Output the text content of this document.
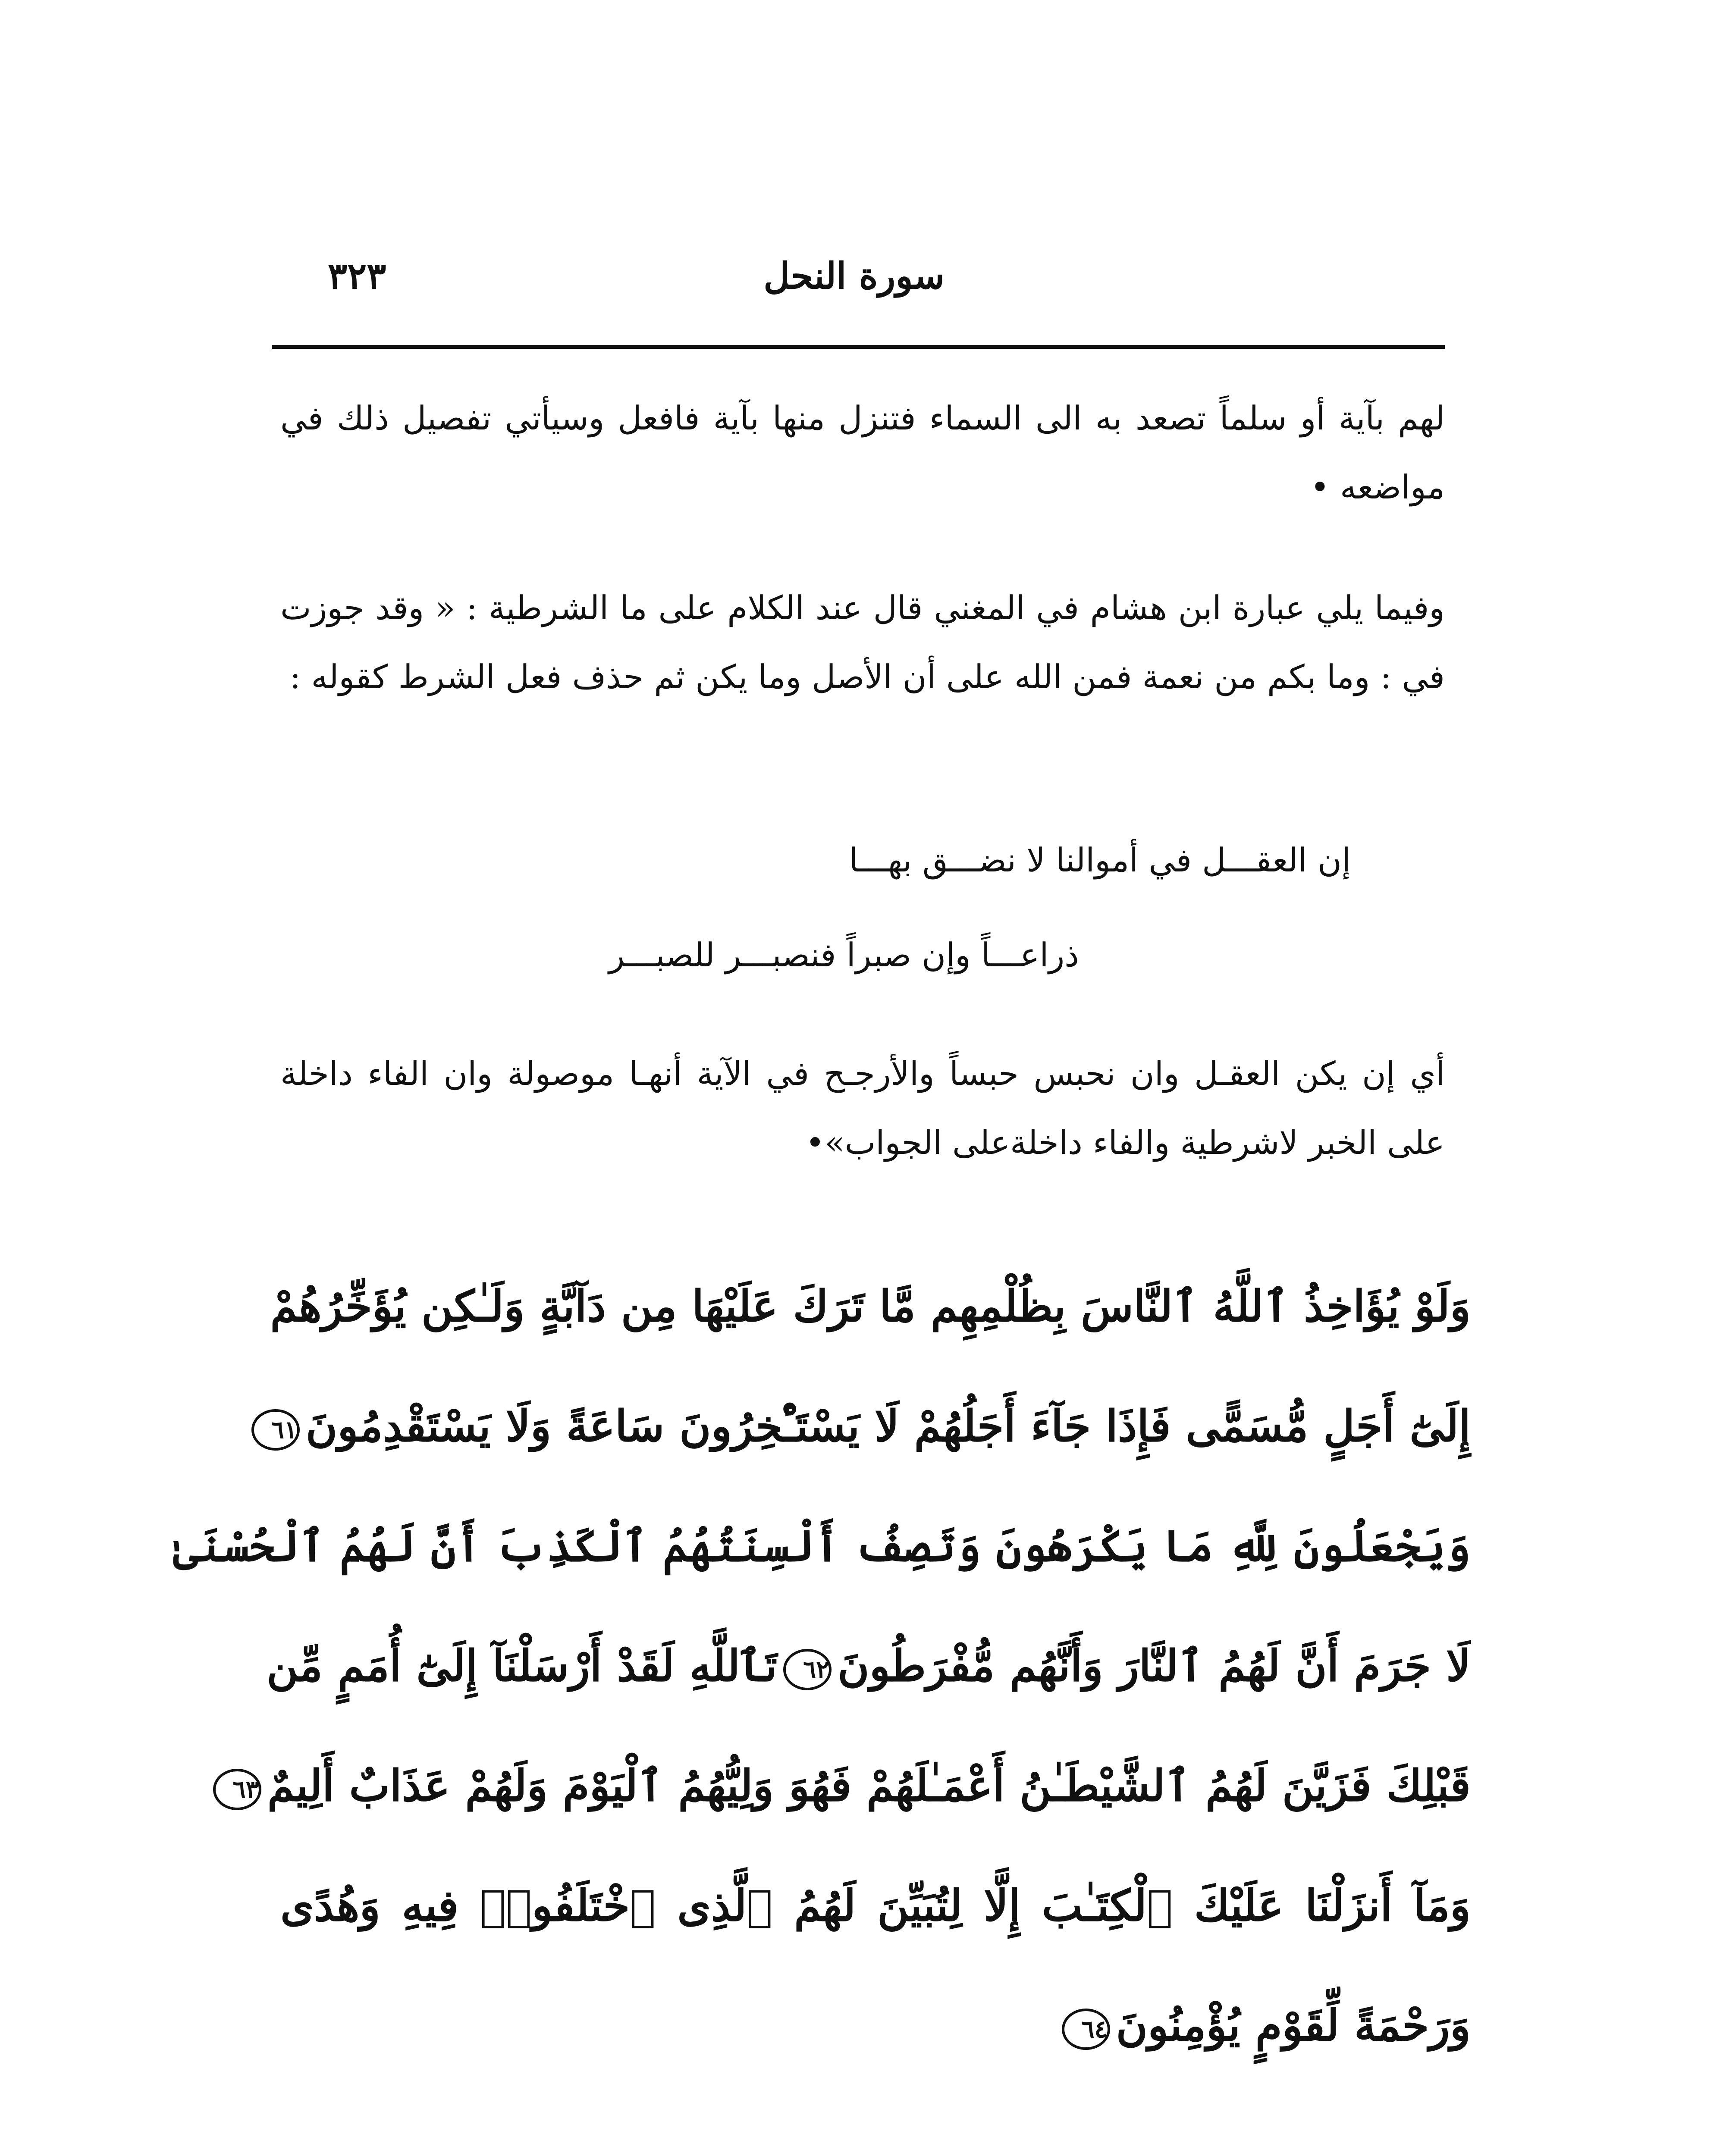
سورة النحل
٣٢٣
لهم بآية أو سلماً تصعد به الى السماء فتنزل منها بآية فافعل وسيأتي تفصيل ذلك في مواضعه •
وفيما يلي عبارة ابن هشام في المغني قال عند الكلام على ما الشرطية : « وقد جوزت في : وما بكم من نعمة فمن الله على أن الأصل وما يكن ثم حذف فعل الشرط كقوله :
إن العقـــل في أموالنا لا نضـــق بهـــا
ذراعـــاً وإن صبراً فنصبـــر للصبـــر
أي إن يكن العقـل وان نحبس حبساً والأرجـح في الآية أنهـا موصولة وان الفاء داخلة على الخبر لاشرطية والفاء داخلةعلى الجواب»•
وَلَوْ يُؤَاخِذُ ٱللَّهُ ٱلنَّاسَ بِظُلْمِهِم مَّا تَرَكَ عَلَيْهَا مِن دَآبَّةٍ وَلَـٰكِن يُؤَخِّرُهُمْ
إِلَىٰٓ أَجَلٍ مُّسَمًّى فَإِذَا جَآءَ أَجَلُهُمْ لَا يَسْتَـْٔخِرُونَ سَاعَةً وَلَا يَسْتَقْدِمُونَ٦١
وَيَجْعَلُونَ لِلَّهِ مَا يَكْرَهُونَ وَتَصِفُ أَلْسِنَتُهُمُ ٱلْكَذِبَ أَنَّ لَهُمُ ٱلْحُسْنَىٰ
لَا جَرَمَ أَنَّ لَهُمُ ٱلنَّارَ وَأَنَّهُم مُّفْرَطُونَ٦٢تَٱللَّهِ لَقَدْ أَرْسَلْنَآ إِلَىٰٓ أُمَمٍ مِّن
قَبْلِكَ فَزَيَّنَ لَهُمُ ٱلشَّيْطَـٰنُ أَعْمَـٰلَهُمْ فَهُوَ وَلِيُّهُمُ ٱلْيَوْمَ وَلَهُمْ عَذَابٌ أَلِيمٌ٦٣
وَمَآ أَنزَلْنَا عَلَيْكَ ٱلْكِتَـٰبَ إِلَّا لِتُبَيِّنَ لَهُمُ ٱلَّذِى ٱخْتَلَفُوا۟ فِيهِ وَهُدًى
وَرَحْمَةً لِّقَوْمٍ يُؤْمِنُونَ٦٤
